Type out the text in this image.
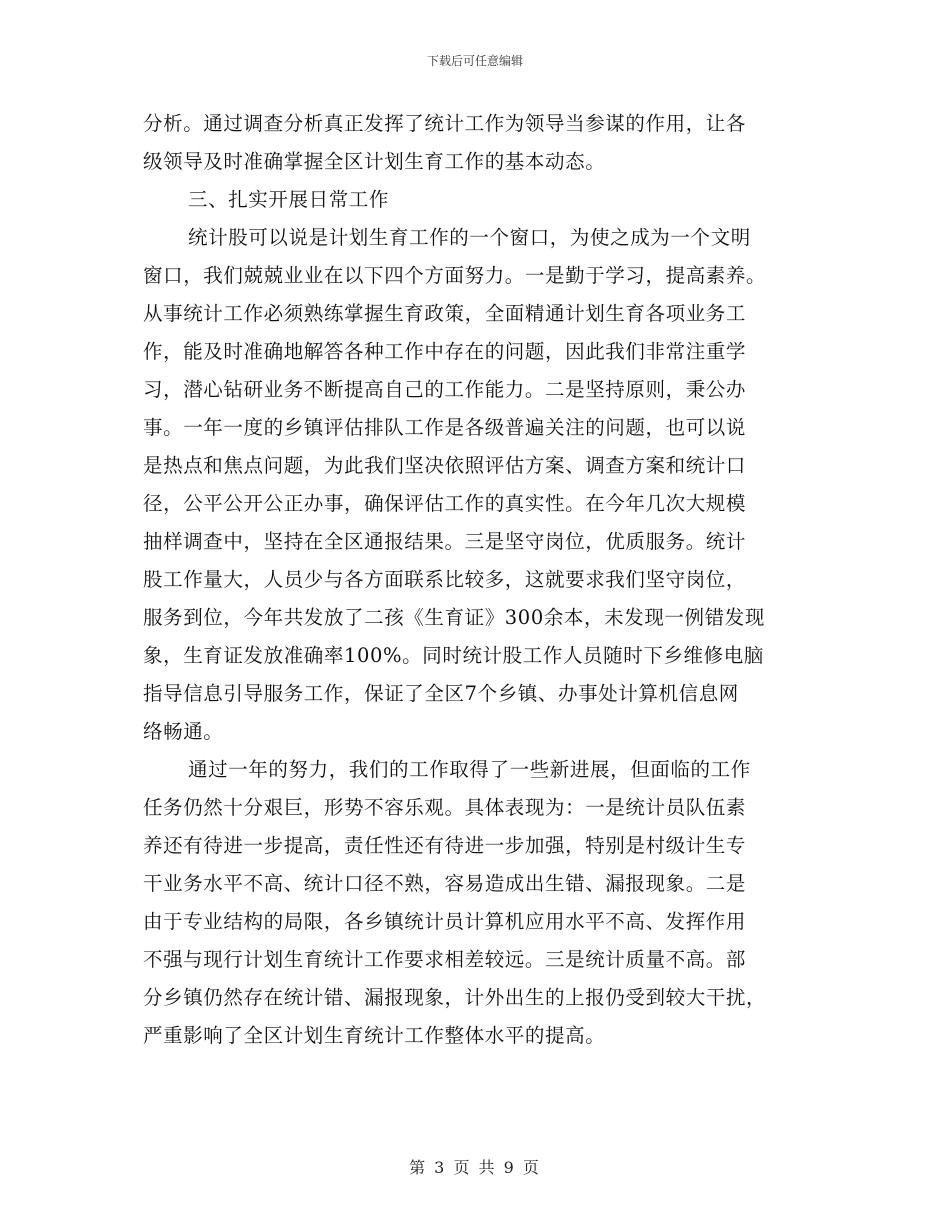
下载后可任意编辑
分析。通过调查分析真正发挥了统计工作为领导当参谋的作用，让各
级领导及时准确掌握全区计划生育工作的基本动态。
三、扎实开展日常工作
统计股可以说是计划生育工作的一个窗口，为使之成为一个文明
窗口，我们兢兢业业在以下四个方面努力。一是勤于学习，提高素养。
从事统计工作必须熟练掌握生育政策，全面精通计划生育各项业务工
作，能及时准确地解答各种工作中存在的问题，因此我们非常注重学
习，潜心钻研业务不断提高自己的工作能力。二是坚持原则，秉公办
事。一年一度的乡镇评估排队工作是各级普遍关注的问题，也可以说
是热点和焦点问题，为此我们坚决依照评估方案、调查方案和统计口
径，公平公开公正办事，确保评估工作的真实性。在今年几次大规模
抽样调查中，坚持在全区通报结果。三是坚守岗位，优质服务。统计
股工作量大，人员少与各方面联系比较多，这就要求我们坚守岗位，
服务到位，今年共发放了二孩《生育证》300余本，未发现一例错发现
象，生育证发放准确率100%。同时统计股工作人员随时下乡维修电脑
指导信息引导服务工作，保证了全区7个乡镇、办事处计算机信息网
络畅通。
通过一年的努力，我们的工作取得了一些新进展，但面临的工作
任务仍然十分艰巨，形势不容乐观。具体表现为：一是统计员队伍素
养还有待进一步提高，责任性还有待进一步加强，特别是村级计生专
干业务水平不高、统计口径不熟，容易造成出生错、漏报现象。二是
由于专业结构的局限，各乡镇统计员计算机应用水平不高、发挥作用
不强与现行计划生育统计工作要求相差较远。三是统计质量不高。部
分乡镇仍然存在统计错、漏报现象，计外出生的上报仍受到较大干扰，
严重影响了全区计划生育统计工作整体水平的提高。
第 3 页 共 9 页
